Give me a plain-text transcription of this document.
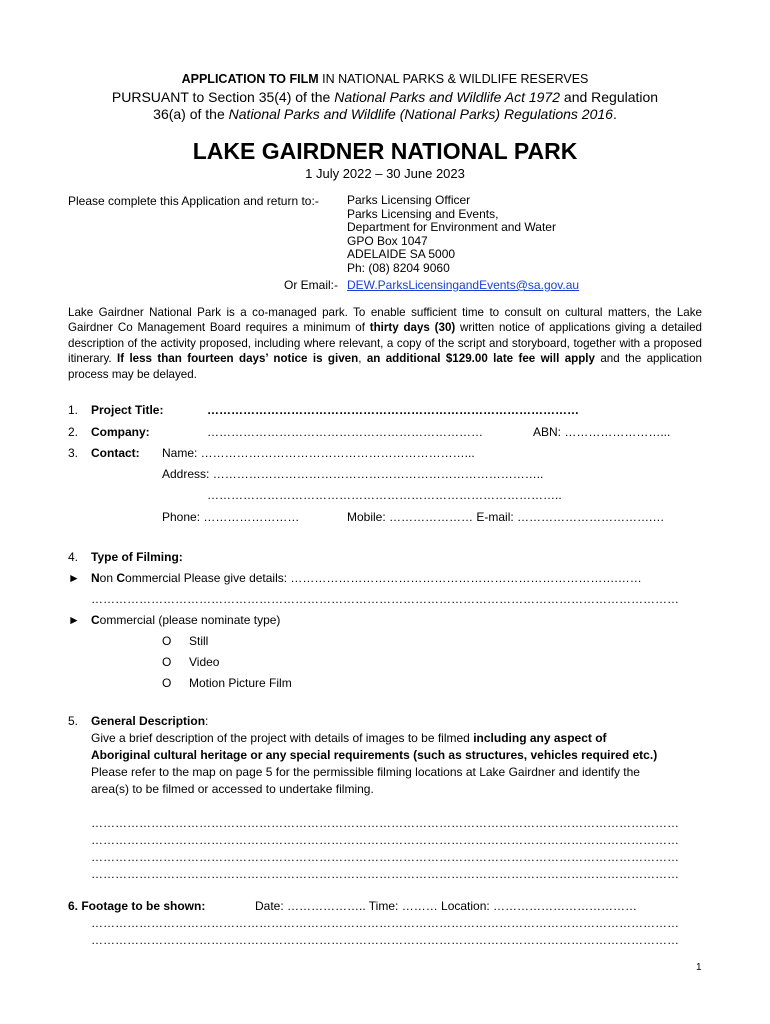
APPLICATION TO FILM IN NATIONAL PARKS & WILDLIFE RESERVES
PURSUANT to Section 35(4) of the National Parks and Wildlife Act 1972 and Regulation
36(a) of the National Parks and Wildlife (National Parks) Regulations 2016.
LAKE GAIRDNER NATIONAL PARK
1 July 2022 – 30 June 2023
Please complete this Application and return to:- Parks Licensing Officer
Parks Licensing and Events,
Department for Environment and Water
GPO Box 1047
ADELAIDE SA 5000
Ph: (08) 8204 9060
Or Email:- DEW.ParksLicensingandEvents@sa.gov.au
Lake Gairdner National Park is a co-managed park. To enable sufficient time to consult on cultural matters, the Lake Gairdner Co Management Board requires a minimum of thirty days (30) written notice of applications giving a detailed description of the activity proposed, including where relevant, a copy of the script and storyboard, together with a proposed itinerary. If less than fourteen days’ notice is given, an additional $129.00 late fee will apply and the application process may be delayed.
1. Project Title:	…………………………………………………………………………………
2. Company:	……………………………………………………………	ABN: ……………………...
3. Contact: Name: …………………………………………………………...
Address: ………………………………………………………………………..
……………………………………………………………………………..
Phone: ……………………	Mobile: ………………… E-mail: …………………………….…
4. Type of Filming:
► Non Commercial Please give details: ……………………………………………………………………….……
…………………………………………………………………………………………………………………………………
► Commercial (please nominate type)
O Still
O Video
O Motion Picture Film
5. General Description:
Give a brief description of the project with details of images to be filmed including any aspect of
Aboriginal cultural heritage or any special requirements (such as structures, vehicles required etc.)
Please refer to the map on page 5 for the permissible filming locations at Lake Gairdner and identify the
area(s) to be filmed or accessed to undertake filming.
…………………………………………………………………………………………………………………………………
…………………………………………………………………………………………………………………………………
…………………………………………………………………………………………………………………………………
…………………………………………………………………………………………………………………………………
6. Footage to be shown:	Date: ……………….. Time: ……… Location: ………………………………
…………………………………………………………………………………………………………………………………
…………………………………………………………………………………………………………………………………
1
